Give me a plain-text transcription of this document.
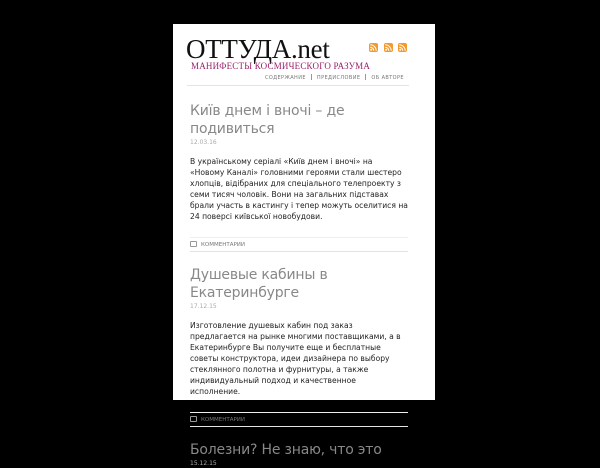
ОТТУДА.net
МАНИФЕСТЫ КОСМИЧЕСКОГО РАЗУМА
СОДЕРЖАНИЕ ПРЕДИСЛОВИЕ ОБ АВТОРЕ
Київ днем і вночі – де подивиться
12.03.16

В українському серіалі «Київ днем і вночі» на «Новому Каналі» головними героями стали шестеро хлопців, відібраних для спеціального телепроекту з семи тисяч чоловік. Вони на загальних підставах брали участь в кастингу і тепер можуть оселитися на 24 поверсі київської новобудови.

КОММЕНТАРИИ
Душевые кабины в Екатеринбурге
17.12.15

Изготовление душевых кабин под заказ предлагается на рынке многими поставщиками, а в Екатеринбурге Вы получите еще и бесплатные советы конструктора, идеи дизайнера по выбору стеклянного полотна и фурнитуры, а также индивидуальный подход и качественное исполнение.

КОММЕНТАРИИ
Болезни? Не знаю, что это
15.12.15
